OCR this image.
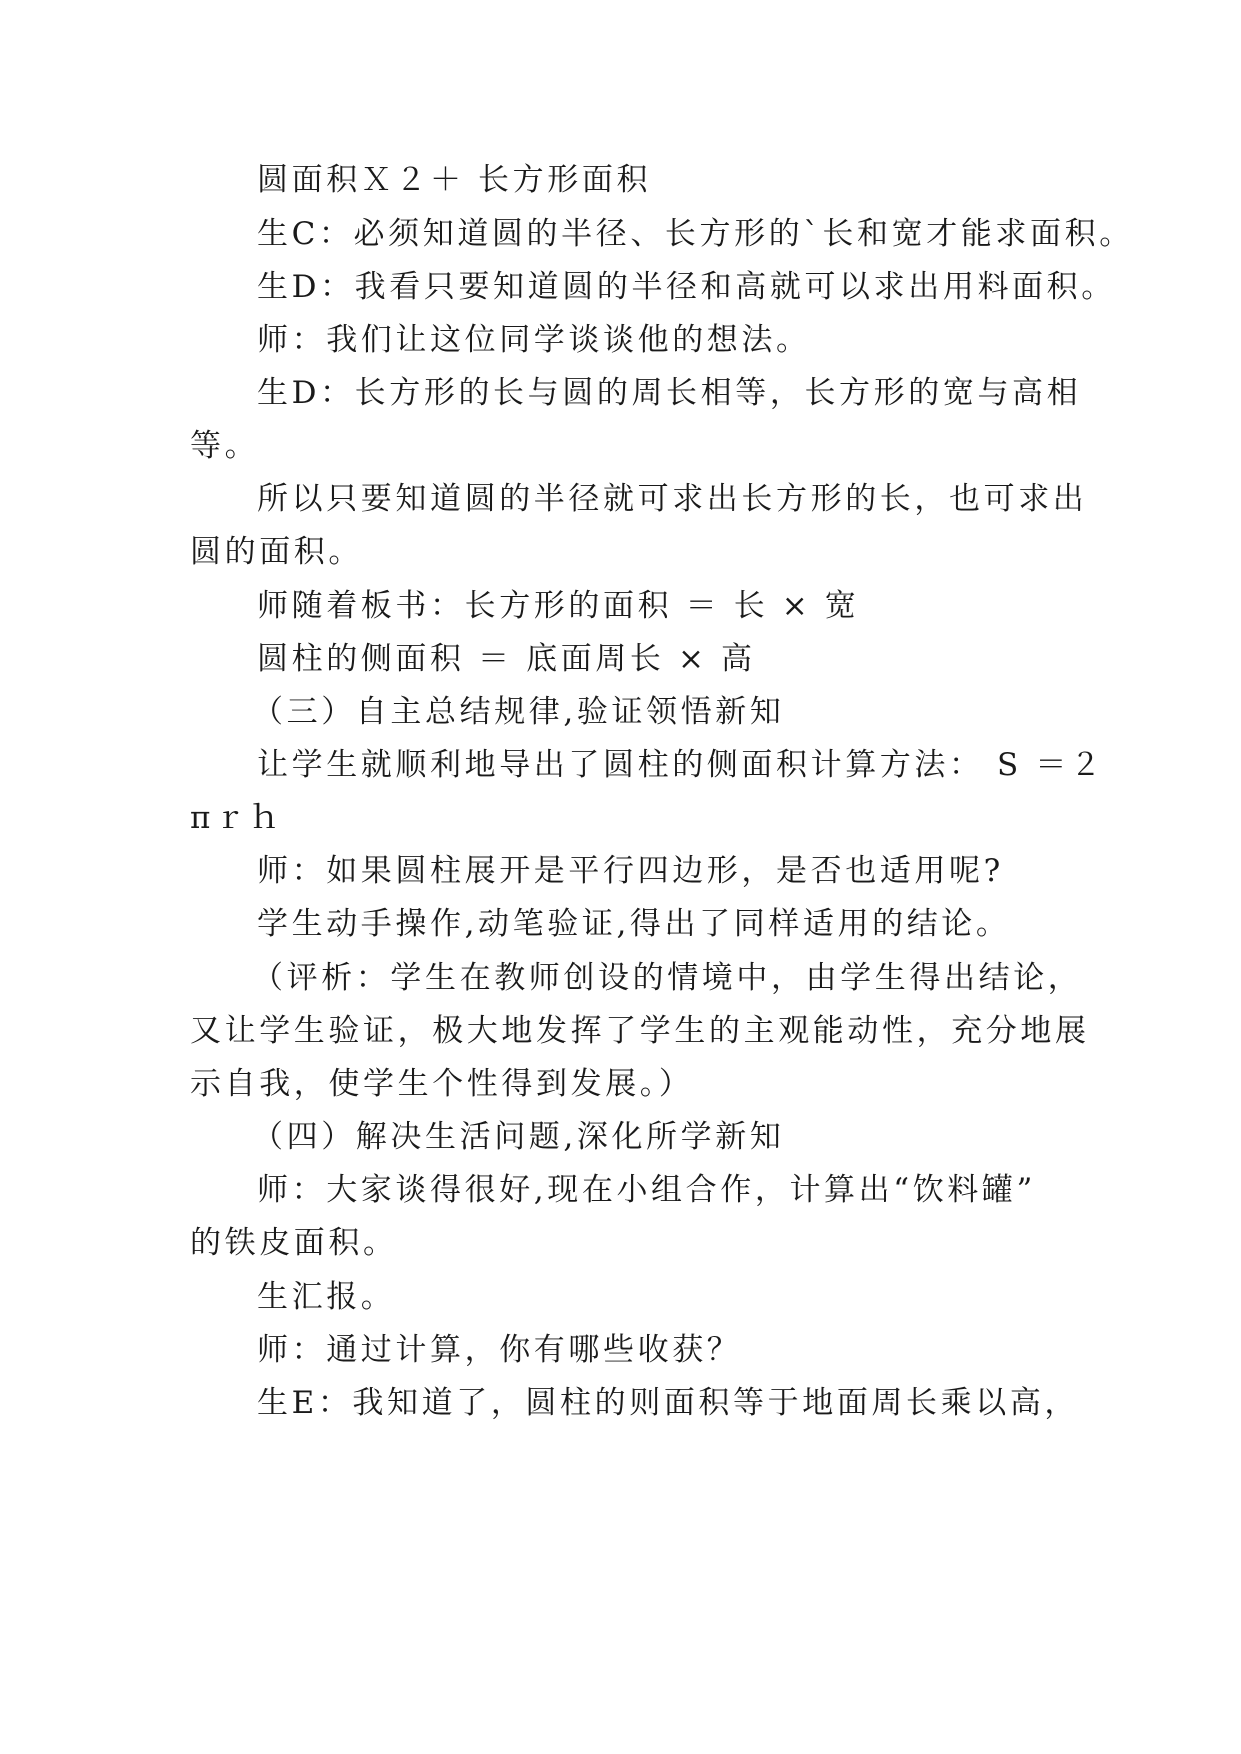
圆面积Ｘ２＋ 长方形面积
生C：必须知道圆的半径、长方形的`长和宽才能求面积。
生D：我看只要知道圆的半径和高就可以求出用料面积。
师：我们让这位同学谈谈他的想法。
生D：长方形的长与圆的周长相等，长方形的宽与高相
等。
所以只要知道圆的半径就可求出长方形的长，也可求出
圆的面积。
师随着板书：长方形的面积 ＝ 长 × 宽
圆柱的侧面积 ＝ 底面周长 × 高
（三）自主总结规律,验证领悟新知
让学生就顺利地导出了圆柱的侧面积计算方法： S ＝２
πｒｈ
师：如果圆柱展开是平行四边形，是否也适用呢?
学生动手操作,动笔验证,得出了同样适用的结论。
（评析：学生在教师创设的情境中，由学生得出结论，
又让学生验证，极大地发挥了学生的主观能动性，充分地展
示自我，使学生个性得到发展。）
（四）解决生活问题,深化所学新知
师：大家谈得很好,现在小组合作，计算出“饮料罐”
的铁皮面积。
生汇报。
师：通过计算，你有哪些收获？
生E：我知道了，圆柱的则面积等于地面周长乘以高，
